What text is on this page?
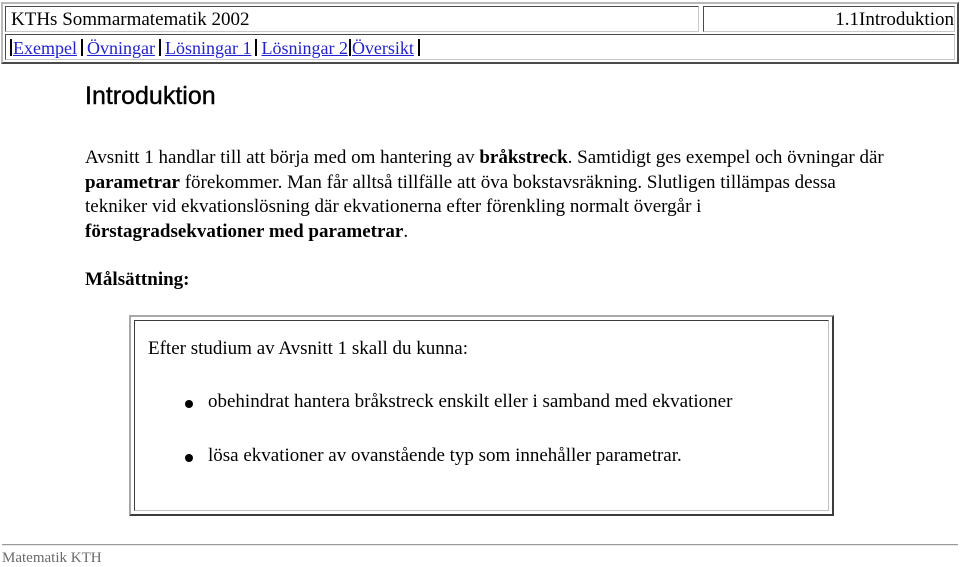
KTHs Sommarmatematik 2002	1.1Introduktion
Exempel Övningar Lösningar 1 Lösningar 2 Översikt
Introduktion

Avsnitt 1 handlar till att börja med om hantering av bråkstreck. Samtidigt ges exempel och övningar där parametrar förekommer. Man får alltså tillfälle att öva bokstavsräkning. Slutligen tillämpas dessa tekniker vid ekvationslösning där ekvationerna efter förenkling normalt övergår i förstagradsekvationer med parametrar.

Målsättning:

Efter studium av Avsnitt 1 skall du kunna:

obehindrat hantera bråkstreck enskilt eller i samband med ekvationer
lösa ekvationer av ovanstående typ som innehåller parametrar.
Matematik KTH
